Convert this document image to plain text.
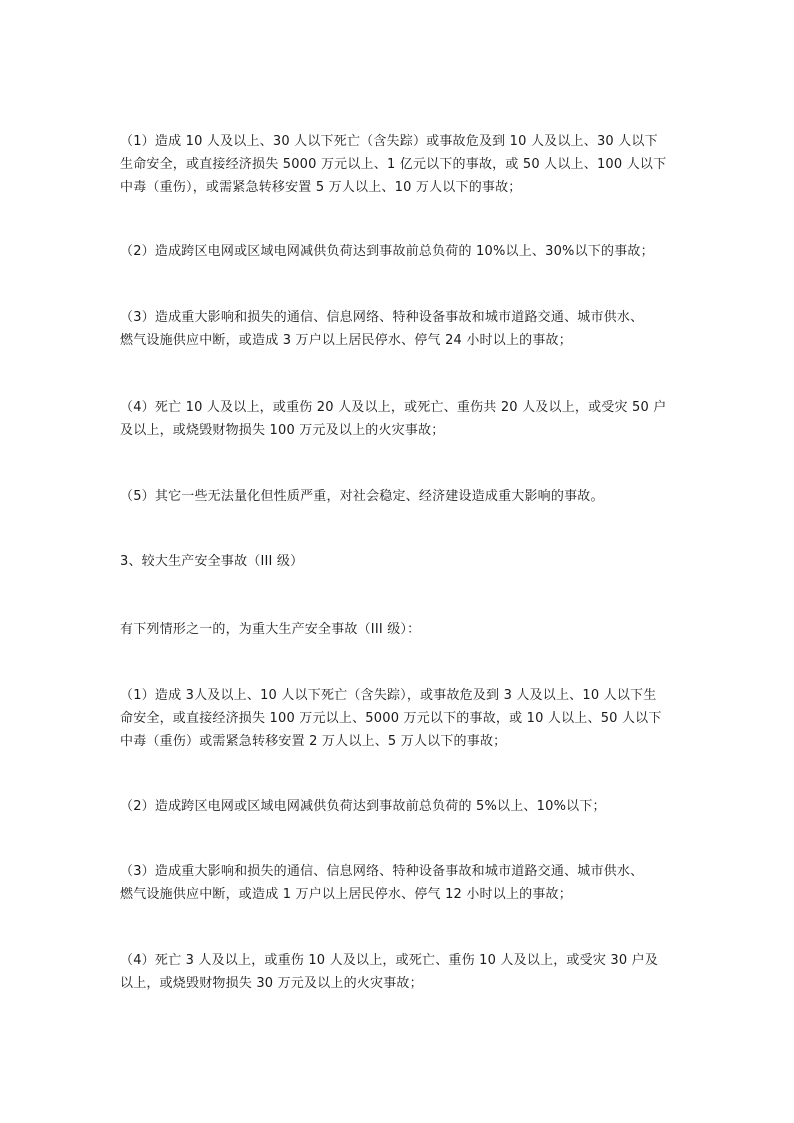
（1）造成 10 人及以上、30 人以下死亡（含失踪）或事故危及到 10 人及以上、30 人以下
生命安全，或直接经济损失 5000 万元以上、1 亿元以下的事故，或 50 人以上、100 人以下
中毒（重伤），或需紧急转移安置 5 万人以上、10 万人以下的事故；

（2）造成跨区电网或区域电网减供负荷达到事故前总负荷的 10%以上、30%以下的事故；

（3）造成重大影响和损失的通信、信息网络、特种设备事故和城市道路交通、城市供水、
燃气设施供应中断，或造成 3 万户以上居民停水、停气 24 小时以上的事故；

（4）死亡 10 人及以上，或重伤 20 人及以上，或死亡、重伤共 20 人及以上，或受灾 50 户
及以上，或烧毁财物损失 100 万元及以上的火灾事故；

（5）其它一些无法量化但性质严重，对社会稳定、经济建设造成重大影响的事故。

3、较大生产安全事故（III 级）

有下列情形之一的，为重大生产安全事故（III 级）：

（1）造成 3人及以上、10 人以下死亡（含失踪），或事故危及到 3 人及以上、10 人以下生
命安全，或直接经济损失 100 万元以上、5000 万元以下的事故，或 10 人以上、50 人以下
中毒（重伤）或需紧急转移安置 2 万人以上、5 万人以下的事故；

（2）造成跨区电网或区域电网减供负荷达到事故前总负荷的 5%以上、10%以下；

（3）造成重大影响和损失的通信、信息网络、特种设备事故和城市道路交通、城市供水、
燃气设施供应中断，或造成 1 万户以上居民停水、停气 12 小时以上的事故；

（4）死亡 3 人及以上，或重伤 10 人及以上，或死亡、重伤 10 人及以上，或受灾 30 户及
以上，或烧毁财物损失 30 万元及以上的火灾事故；
